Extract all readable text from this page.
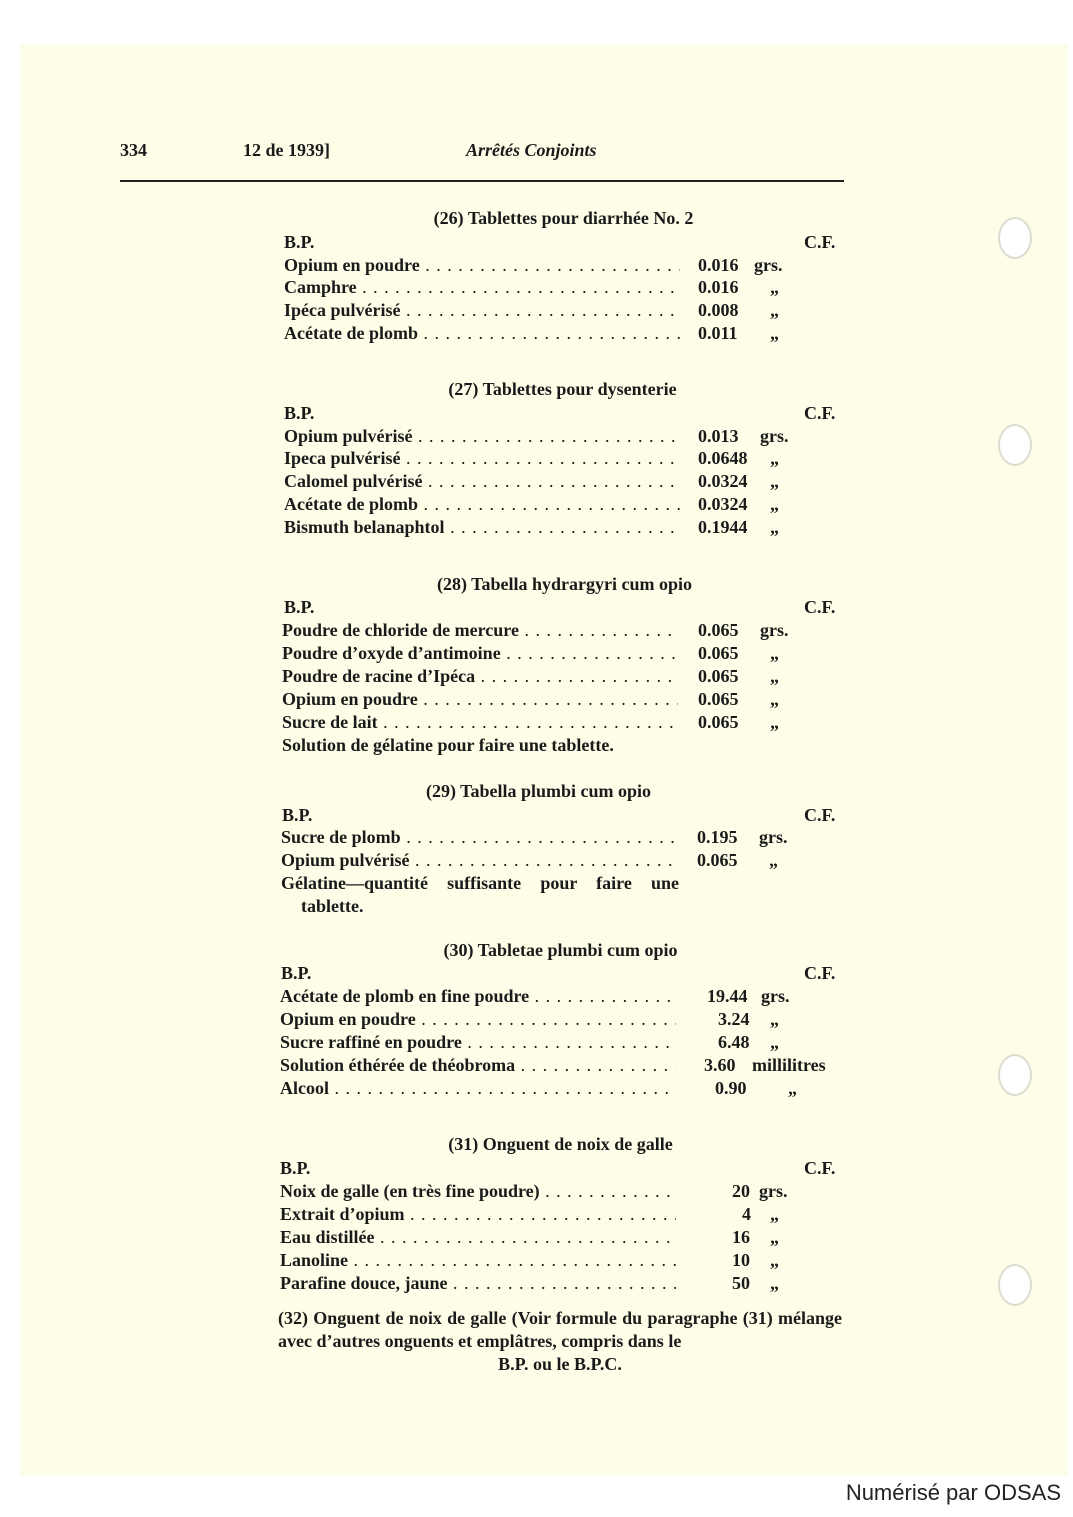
334	12 de 1939]	Arrêtés Conjoints
(26) Tablettes pour diarrhée No. 2
B.P.	C.F.
Opium en poudre . . .	0.016 grs.
Camphre . . .	0.016 „
Ipéca pulvérisé . . .	0.008 „
Acétate de plomb . . .	0.011 „
(27) Tablettes pour dysenterie
B.P.	C.F.
Opium pulvérisé . . .	0.013 grs.
Ipeca pulvérisé . . .	0.0648 „
Calomel pulvérisé . . .	0.0324 „
Acétate de plomb . . .	0.0324 „
Bismuth belanaphtol . . .	0.1944 „
(28) Tabella hydrargyri cum opio
B.P.	C.F.
Poudre de chloride de mercure . . .	0.065 grs.
Poudre d’oxyde d’antimoine . . .	0.065 „
Poudre de racine d’Ipéca . . .	0.065 „
Opium en poudre . . .	0.065 „
Sucre de lait . . .	0.065 „
Solution de gélatine pour faire une tablette.
(29) Tabella plumbi cum opio
B.P.	C.F.
Sucre de plomb . . .	0.195 grs.
Opium pulvérisé . . .	0.065 „
Gélatine—quantité suffisante pour faire une
tablette.
(30) Tabletae plumbi cum opio
B.P.	C.F.
Acétate de plomb en fine poudre . . .	19.44 grs.
Opium en poudre . . .	3.24 „
Sucre raffiné en poudre . . .	6.48 „
Solution éthérée de théobroma . . .	3.60 millilitres
Alcool . . .	0.90 „
(31) Onguent de noix de galle
B.P.	C.F.
Noix de galle (en très fine poudre) . . .	20 grs.
Extrait d’opium . . .	4 „
Eau distillée . . .	16 „
Lanoline . . .	10 „
Parafine douce, jaune . . .	50 „
(32) Onguent de noix de galle (Voir formule du paragraphe (31) mélange avec d’autres onguents et emplâtres, compris dans le
B.P. ou le B.P.C.
Numérisé par ODSAS
